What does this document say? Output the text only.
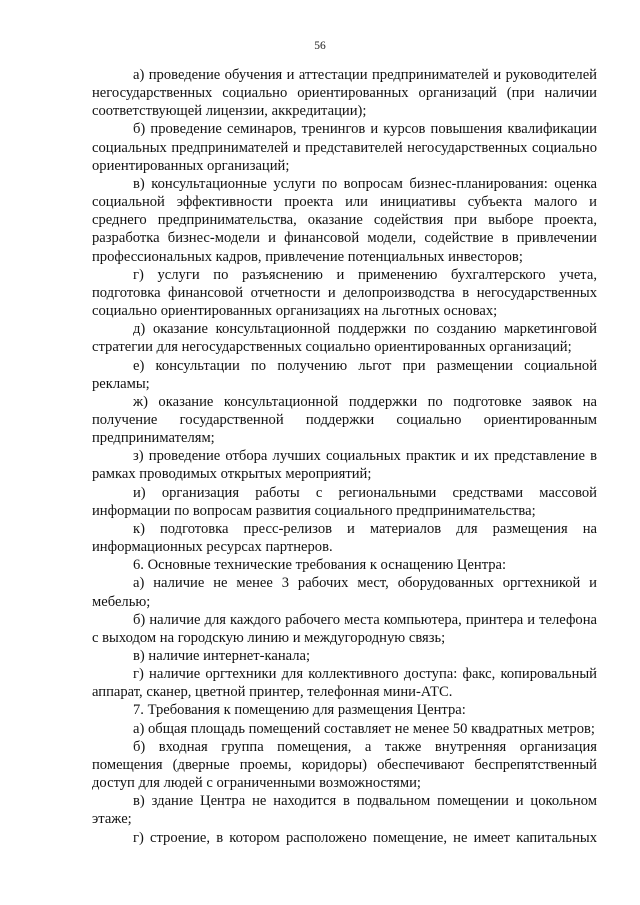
56

а) проведение обучения и аттестации предпринимателей и руководителей негосударственных социально ориентированных организаций (при наличии соответствующей лицензии, аккредитации);

б) проведение семинаров, тренингов и курсов повышения квалификации социальных предпринимателей и представителей негосударственных социально ориентированных организаций;

в) консультационные услуги по вопросам бизнес-планирования: оценка социальной эффективности проекта или инициативы субъекта малого и среднего предпринимательства, оказание содействия при выборе проекта, разработка бизнес-модели и финансовой модели, содействие в привлечении профессиональных кадров, привлечение потенциальных инвесторов;

г) услуги по разъяснению и применению бухгалтерского учета, подготовка финансовой отчетности и делопроизводства в негосударственных социально ориентированных организациях на льготных основах;

д) оказание консультационной поддержки по созданию маркетинговой стратегии для негосударственных социально ориентированных организаций;

е) консультации по получению льгот при размещении социальной рекламы;

ж) оказание консультационной поддержки по подготовке заявок на получение государственной поддержки социально ориентированным предпринимателям;

з) проведение отбора лучших социальных практик и их представление в рамках проводимых открытых мероприятий;

и) организация работы с региональными средствами массовой информации по вопросам развития социального предпринимательства;

к) подготовка пресс-релизов и материалов для размещения на информационных ресурсах партнеров.

6. Основные технические требования к оснащению Центра:

а) наличие не менее 3 рабочих мест, оборудованных оргтехникой и мебелью;

б) наличие для каждого рабочего места компьютера, принтера и телефона с выходом на городскую линию и междугородную связь;

в) наличие интернет-канала;

г) наличие оргтехники для коллективного доступа: факс, копировальный аппарат, сканер, цветной принтер, телефонная мини-АТС.

7. Требования к помещению для размещения Центра:

а) общая площадь помещений составляет не менее 50 квадратных метров;

б) входная группа помещения, а также внутренняя организация помещения (дверные проемы, коридоры) обеспечивают беспрепятственный доступ для людей с ограниченными возможностями;

в) здание Центра не находится в подвальном помещении и цокольном этаже;

г) строение, в котором расположено помещение, не имеет капитальных
